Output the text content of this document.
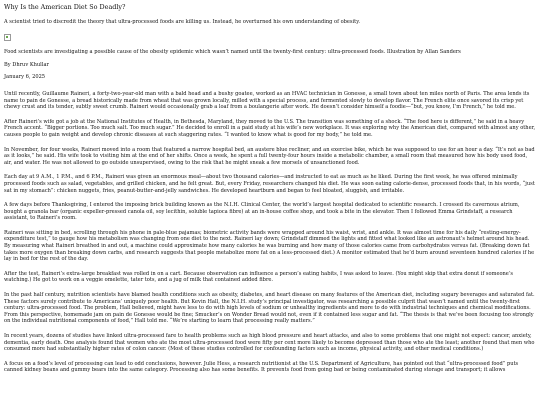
Why Is the American Diet So Deadly?

A scientist tried to discredit the theory that ultra-processed foods are killing us. Instead, he overturned his own understanding of obesity.

Food scientists are investigating a possible cause of the obesity epidemic which wasn’t named until the twenty-first century: ultra-processed foods. Illustration by Allan Sanders

By Dhruv Khullar

January 6, 2025

Until recently, Guillaume Raineri, a forty-two-year-old man with a bald head and a bushy goatee, worked as an HVAC technician in Gonesse, a small town about ten miles north of Paris. The area lends its name to pain de Gonesse, a bread historically made from wheat that was grown locally, milled with a special process, and fermented slowly to develop flavor. The French elite once savored its crisp yet chewy crust and its tender, subtly sweet crumb. Raineri would occasionally grab a loaf from a boulangerie after work. He doesn’t consider himself a foodie—“but, you know, I’m French,” he told me.

After Raineri’s wife got a job at the National Institutes of Health, in Bethesda, Maryland, they moved to the U.S. The transition was something of a shock. “The food here is different,” he said in a heavy French accent. “Bigger portions. Too much salt. Too much sugar.” He decided to enroll in a paid study at his wife’s new workplace. It was exploring why the American diet, compared with almost any other, causes people to gain weight and develop chronic diseases at such staggering rates. “I wanted to know what is good for my body,” he told me.

In November, for four weeks, Raineri moved into a room that featured a narrow hospital bed, an austere blue recliner, and an exercise bike, which he was supposed to use for an hour a day. “It’s not as bad as it looks,” he said. His wife took to visiting him at the end of her shifts. Once a week, he spent a full twenty-four hours inside a metabolic chamber, a small room that measured how his body used food, air, and water. He was not allowed to go outside unsupervised, owing to the risk that he might sneak a few morsels of unsanctioned food.

Each day at 9 A.M., 1 P.M., and 6 P.M., Raineri was given an enormous meal—about two thousand calories—and instructed to eat as much as he liked. During the first week, he was offered minimally processed foods such as salad, vegetables, and grilled chicken, and he felt great. But, every Friday, researchers changed his diet. He was soon eating calorie-dense, processed foods that, in his words, “just sat in my stomach”: chicken nuggets, fries, peanut-butter-and-jelly sandwiches. He developed heartburn and began to feel bloated, sluggish, and irritable.

A few days before Thanksgiving, I entered the imposing brick building known as the N.I.H. Clinical Center, the world’s largest hospital dedicated to scientific research. I crossed its cavernous atrium, bought a granola bar (organic expeller-pressed canola oil, soy lecithin, soluble tapioca fibre) at an in-house coffee shop, and took a bite in the elevator. Then I followed Emma Grindstaff, a research assistant, to Raineri’s room.

Raineri was sitting in bed, scrolling through his phone in pale-blue pajamas; biometric activity bands were wrapped around his waist, wrist, and ankle. It was almost time for his daily “resting-energy-expenditure test,” to gauge how his metabolism was changing from one diet to the next. Raineri lay down; Grindstaff dimmed the lights and fitted what looked like an astronaut’s helmet around his head. By measuring what Raineri breathed in and out, a machine could approximate how many calories he was burning and how many of those calories came from carbohydrates versus fat. (Breaking down fat takes more oxygen than breaking down carbs, and research suggests that people metabolize more fat on a less-processed diet.) A monitor estimated that he’d burn around seventeen hundred calories if he lay in bed for the rest of the day.

After the test, Raineri’s extra-large breakfast was rolled in on a cart. Because observation can influence a person’s eating habits, I was asked to leave. (You might skip that extra donut if someone’s watching.) He got to work on a veggie omelette, tater tots, and a jug of milk that contained added fibre.

In the past half century, nutrition scientists have blamed health conditions such as obesity, diabetes, and heart disease on many features of the American diet, including sugary beverages and saturated fat. These factors surely contribute to Americans’ uniquely poor health. But Kevin Hall, the N.I.H. study’s principal investigator, was researching a possible culprit that wasn’t named until the twenty-first century: ultra-processed food. The problem, Hall believed, might have less to do with high levels of sodium or unhealthy ingredients and more to do with industrial techniques and chemical modifications. From this perspective, homemade jam on pain de Gonesse would be fine; Smucker’s on Wonder Bread would not, even if it contained less sugar and fat. “The thesis is that we’ve been focusing too strongly on the individual nutritional components of food,” Hall told me. “We’re starting to learn that processing really matters.”

In recent years, dozens of studies have linked ultra-processed fare to health problems such as high blood pressure and heart attacks, and also to some problems that one might not expect: cancer, anxiety, dementia, early death. One analysis found that women who ate the most ultra-processed food were fifty per cent more likely to become depressed than those who ate the least; another found that men who consumed more had substantially higher rates of colon cancer. (Most of these studies controlled for confounding factors such as income, physical activity, and other medical conditions.)

A focus on a food’s level of processing can lead to odd conclusions, however. Julie Hess, a research nutritionist at the U.S. Department of Agriculture, has pointed out that “ultra-processed food” puts canned kidney beans and gummy bears into the same category. Processing also has some benefits. It prevents food from going bad or being contaminated during storage and transport; it allows
